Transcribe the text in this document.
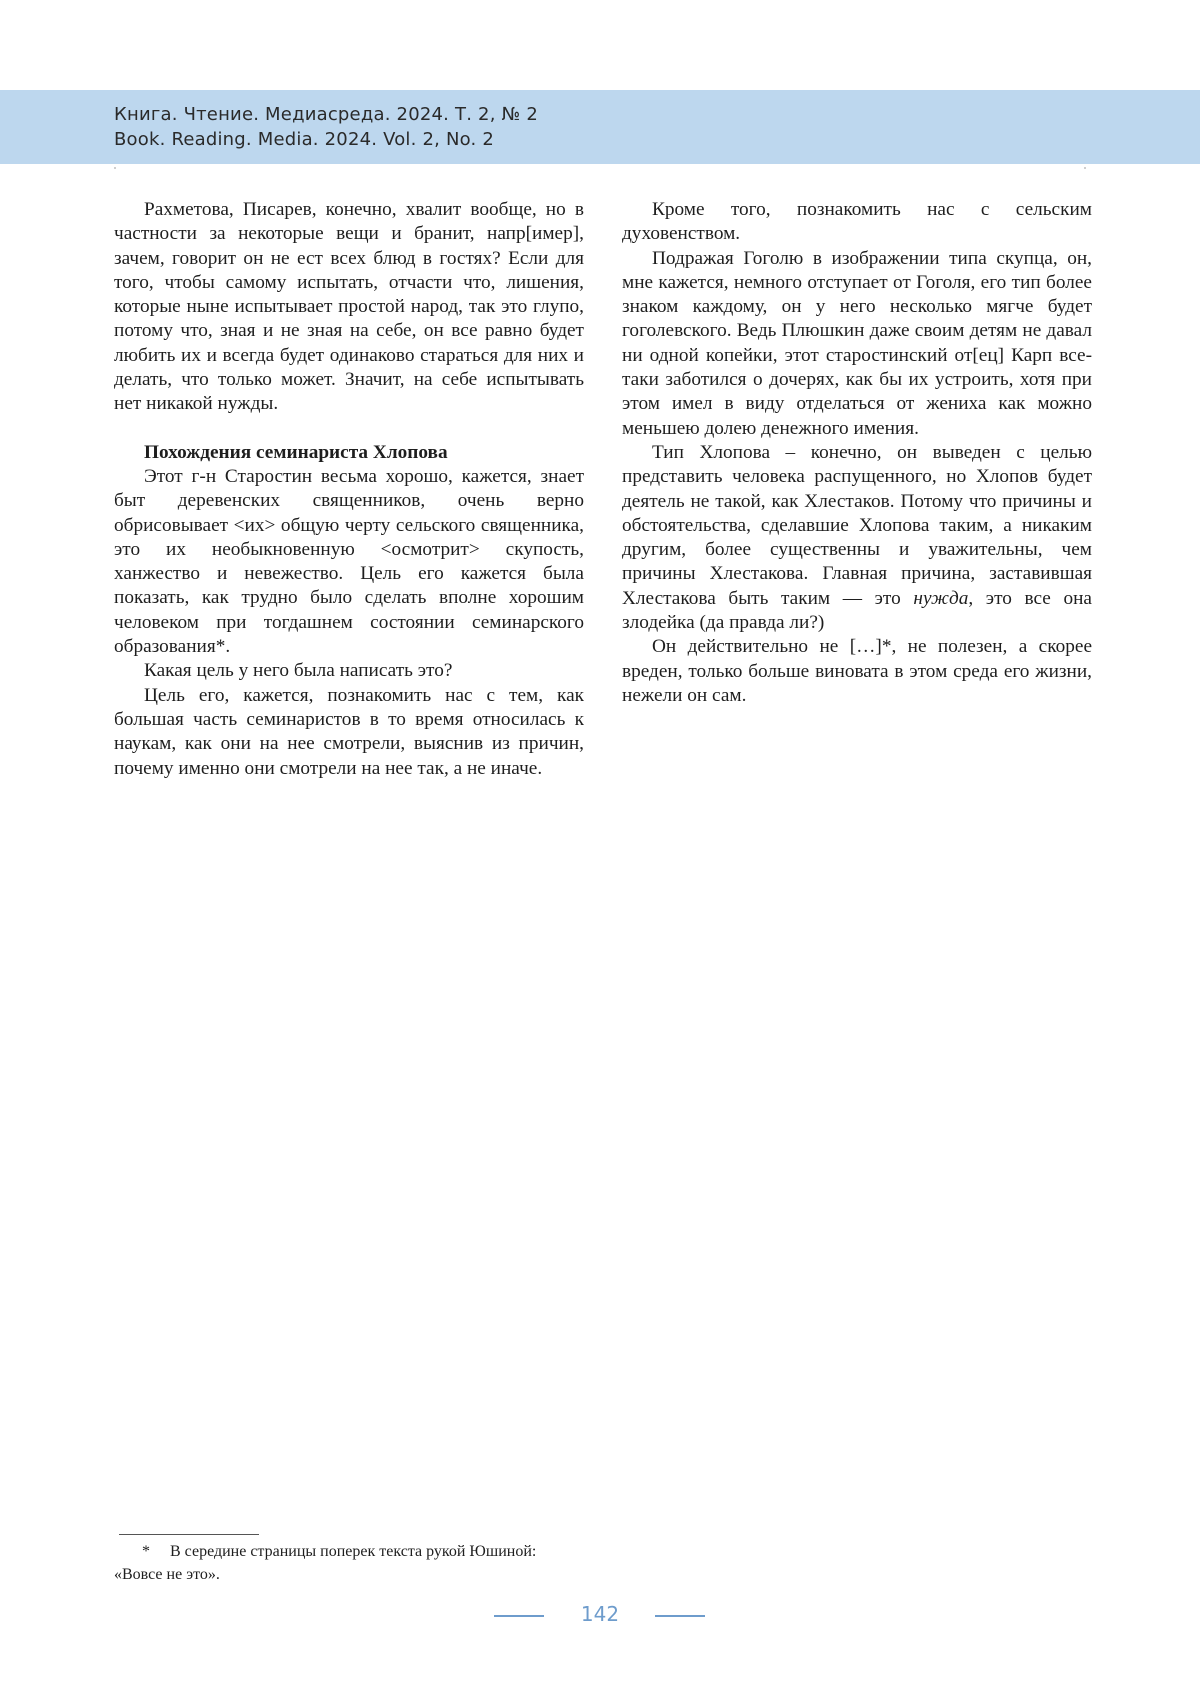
Книга. Чтение. Медиасреда. 2024. Т. 2, № 2
Book. Reading. Media. 2024. Vol. 2, No. 2

Рахметова, Писарев, конечно, хвалит вообще, но в частности за некоторые вещи и бранит, напр[имер], зачем, говорит он не ест всех блюд в гостях? Если для того, чтобы самому испытать, отчасти что, лишения, которые ныне испытывает простой народ, так это глупо, потому что, зная и не зная на себе, он все равно будет любить их и всегда будет одинаково стараться для них и делать, что только может. Значит, на себе испытывать нет никакой нужды.

Похождения семинариста Хлопова

Этот г-н Старостин весьма хорошо, кажется, знает быт деревенских священников, очень верно обрисовывает <их> общую черту сельского священника, это их необыкновенную <осмотрит> скупость, ханжество и невежество. Цель его кажется была показать, как трудно было сделать вполне хорошим человеком при тогдашнем состоянии семинарского образования*.

Какая цель у него была написать это?

Цель его, кажется, познакомить нас с тем, как большая часть семинаристов в то время относилась к наукам, как они на нее смотрели, выяснив из причин, почему именно они смотрели на нее так, а не иначе.

Кроме того, познакомить нас с сельским духовенством.

Подражая Гоголю в изображении типа скупца, он, мне кажется, немного отступает от Гоголя, его тип более знаком каждому, он у него несколько мягче будет гоголевского. Ведь Плюшкин даже своим детям не давал ни одной копейки, этот старостинский от[ец] Карп все-таки заботился о дочерях, как бы их устроить, хотя при этом имел в виду отделаться от жениха как можно меньшею долею денежного имения.

Тип Хлопова – конечно, он выведен с целью представить человека распущенного, но Хлопов будет деятель не такой, как Хлестаков. Потому что причины и обстоятельства, сделавшие Хлопова таким, а никаким другим, более существенны и уважительны, чем причины Хлестакова. Главная причина, заставившая Хлестакова быть таким — это нужда, это все она злодейка (да правда ли?)

Он действительно не […]*, не полезен, а скорее вреден, только больше виновата в этом среда его жизни, нежели он сам.

* В середине страницы поперек текста рукой Юшиной: «Вовсе не это».
142
